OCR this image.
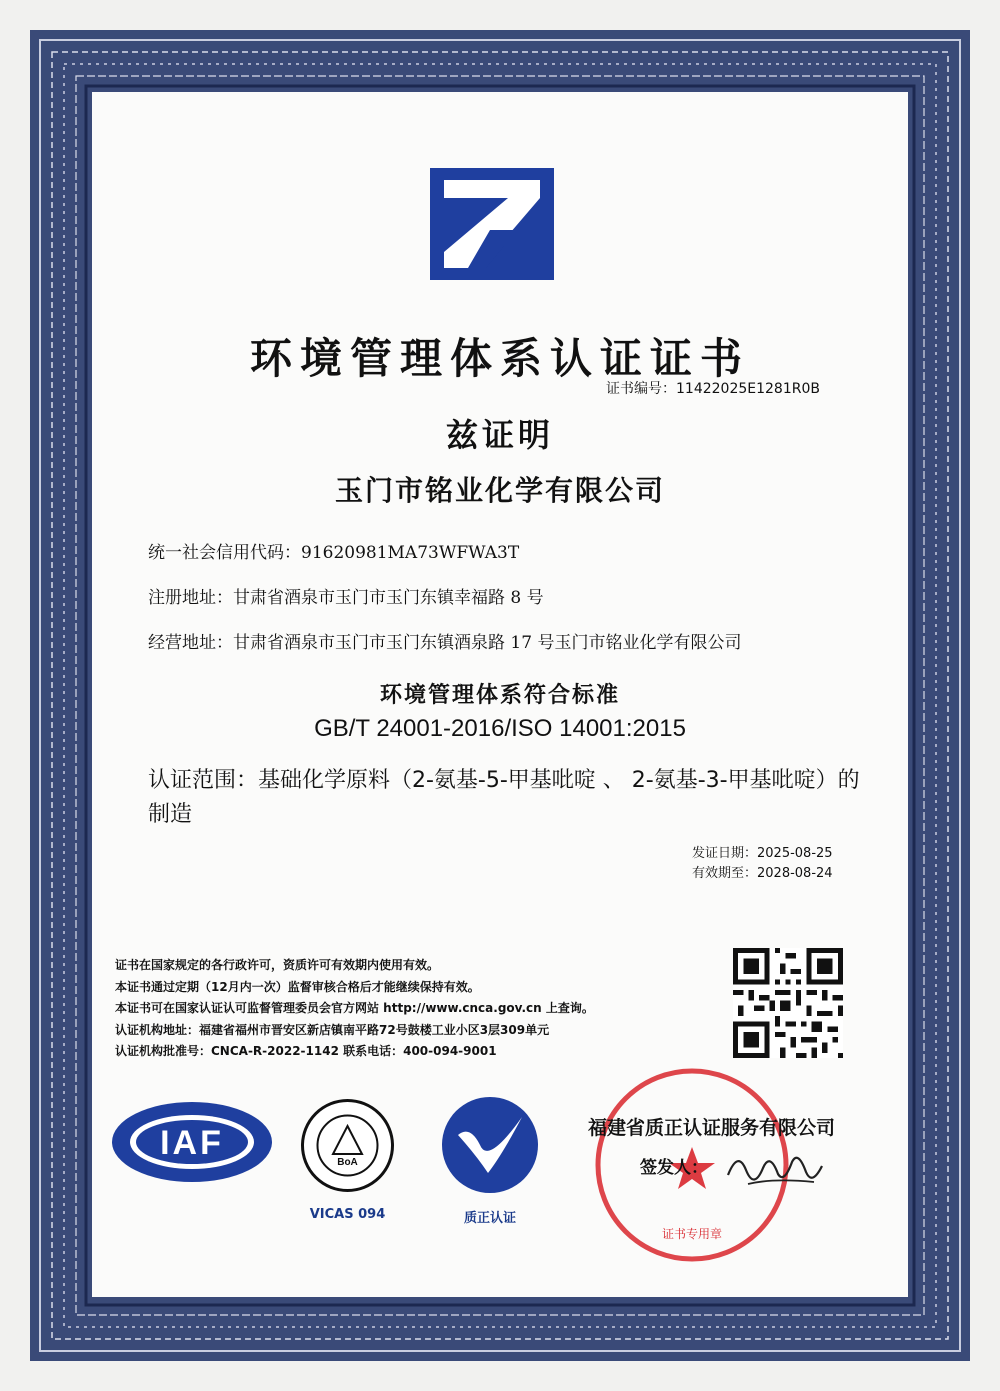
环境管理体系认证证书
证书编号：11422025E1281R0B
兹证明
玉门市铭业化学有限公司
统一社会信用代码：91620981MA73WFWA3T
注册地址：甘肃省酒泉市玉门市玉门东镇幸福路 8 号
经营地址：甘肃省酒泉市玉门市玉门东镇酒泉路 17 号玉门市铭业化学有限公司
环境管理体系符合标准
GB/T 24001-2016/ISO 14001:2015
认证范围：基础化学原料（2-氨基-5-甲基吡啶 、 2-氨基-3-甲基吡啶）的制造
发证日期：2025-08-25
有效期至：2028-08-24
证书在国家规定的各行政许可，资质许可有效期内使用有效。
本证书通过定期（12月内一次）监督审核合格后才能继续保持有效。
本证书可在国家认证认可监督管理委员会官方网站 http://www.cnca.gov.cn 上查询。
认证机构地址：福建省福州市晋安区新店镇南平路72号鼓楼工业小区3层309单元
认证机构批准号：CNCA-R-2022-1142 联系电话：400-094-9001
IAF
BoA
VICAS 094	质正认证
证书专用章
福建省质正认证服务有限公司
签发人：
